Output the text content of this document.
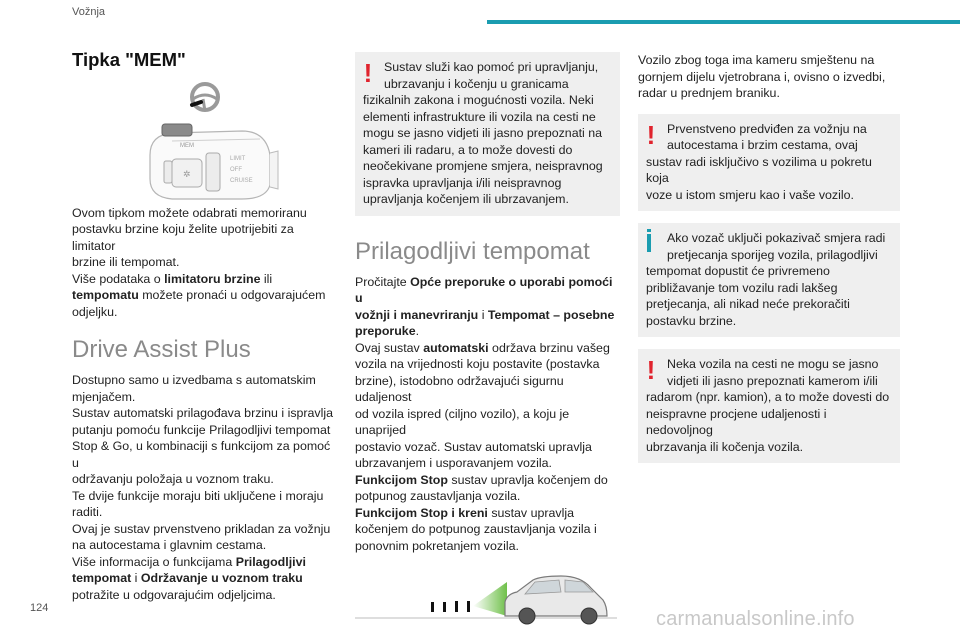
Vožnja
Tipka "MEM"
MEM
✲
LIMIT
OFF
CRUISE

Ovom tipkom možete odabrati memoriranu
postavku brzine koju želite upotrijebiti za limitator
brzine ili tempomat.
Više podataka o limitatoru brzine ili
tempomatu možete pronaći u odgovarajućem
odjeljku.

Drive Assist Plus

Dostupno samo u izvedbama s automatskim
mjenjačem.
Sustav automatski prilagođava brzinu i ispravlja
putanju pomoću funkcije Prilagodljivi tempomat
Stop & Go, u kombinaciji s funkcijom za pomoć u
održavanju položaja u voznom traku.
Te dvije funkcije moraju biti uključene i moraju
raditi.
Ovaj je sustav prvenstveno prikladan za vožnju
na autocestama i glavnim cestama.
Više informacija o funkcijama Prilagodljivi
tempomat i Održavanje u voznom traku
potražite u odgovarajućim odjeljcima.

! Sustav služi kao pomoć pri upravljanju,
ubrzavanju i kočenju u granicama
fizikalnih zakona i mogućnosti vozila. Neki
elementi infrastrukture ili vozila na cesti ne
mogu se jasno vidjeti ili jasno prepoznati na
kameri ili radaru, a to može dovesti do
neočekivane promjene smjera, neispravnog
ispravka upravljanja i/ili neispravnog
upravljanja kočenjem ili ubrzavanjem.

Prilagodljivi tempomat

Pročitajte Opće preporuke o uporabi pomoći u
vožnji i manevriranju i Tempomat – posebne
preporuke.
Ovaj sustav automatski održava brzinu vašeg
vozila na vrijednosti koju postavite (postavka
brzine), istodobno održavajući sigurnu udaljenost
od vozila ispred (ciljno vozilo), a koju je unaprijed
postavio vozač. Sustav automatski upravlja
ubrzavanjem i usporavanjem vozila.
Funkcijom Stop sustav upravlja kočenjem do
potpunog zaustavljanja vozila.
Funkcijom Stop i kreni sustav upravlja
kočenjem do potpunog zaustavljanja vozila i
ponovnim pokretanjem vozila.

Vozilo zbog toga ima kameru smještenu na
gornjem dijelu vjetrobrana i, ovisno o izvedbi,
radar u prednjem braniku.

! Prvenstveno predviđen za vožnju na
autocestama i brzim cestama, ovaj
sustav radi isključivo s vozilima u pokretu koja
voze u istom smjeru kao i vaše vozilo.

Ako vozač uključi pokazivač smjera radi
pretjecanja sporijeg vozila, prilagodljivi
tempomat dopustit će privremeno
približavanje tom vozilu radi lakšeg
pretjecanja, ali nikad neće prekoračiti
postavku brzine.

! Neka vozila na cesti ne mogu se jasno
vidjeti ili jasno prepoznati kamerom i/ili
radarom (npr. kamion), a to može dovesti do
neispravne procjene udaljenosti i nedovoljnog
ubrzavanja ili kočenja vozila.

124	carmanualsonline.info
